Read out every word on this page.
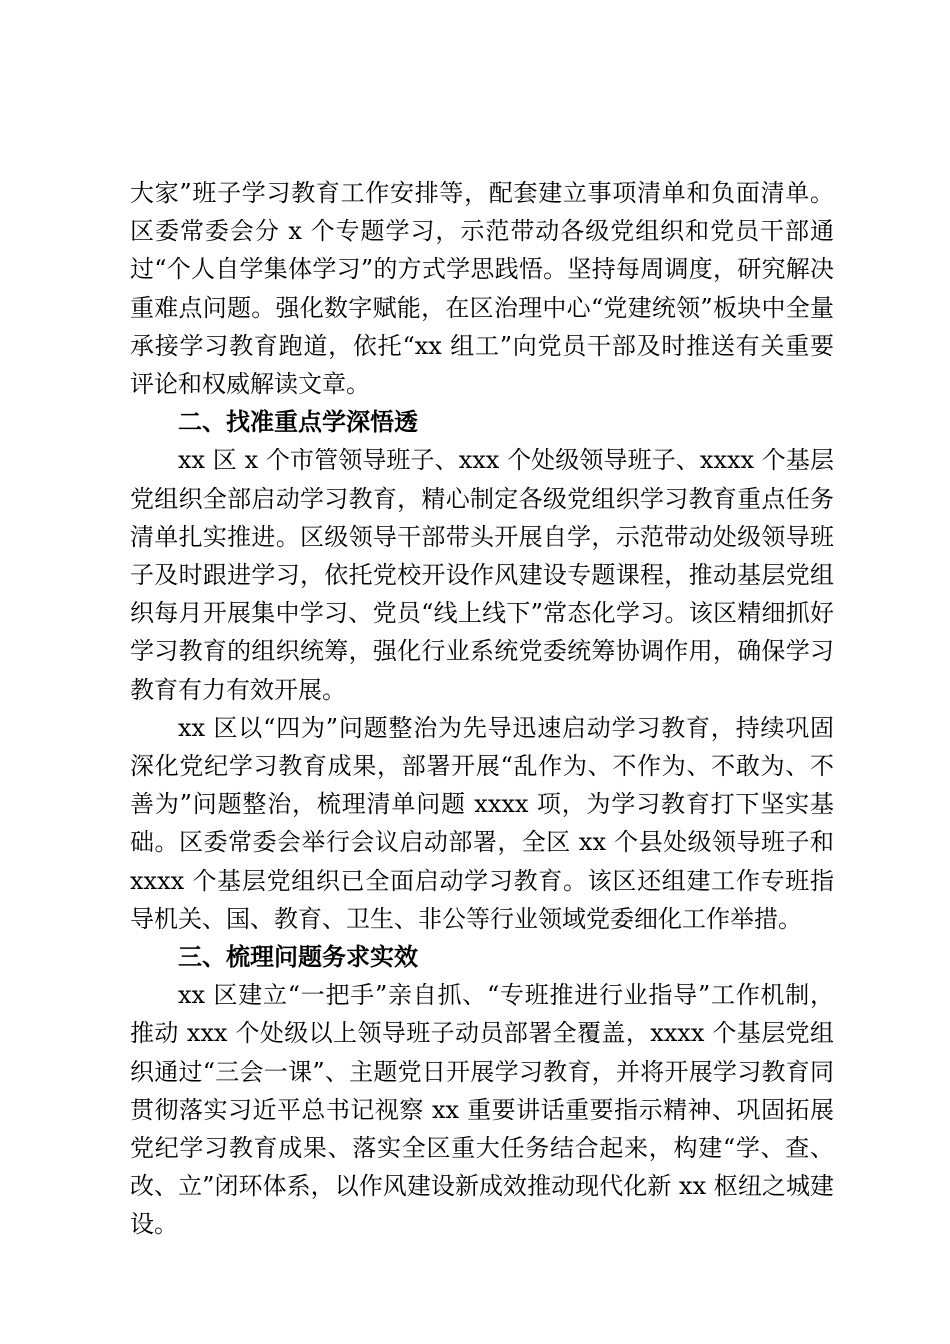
大家”班子学习教育工作安排等，配套建立事项清单和负面清单。区委常委会分 x 个专题学习，示范带动各级党组织和党员干部通过“个人自学集体学习”的方式学思践悟。坚持每周调度，研究解决重难点问题。强化数字赋能，在区治理中心“党建统领”板块中全量承接学习教育跑道，依托“xx 组工”向党员干部及时推送有关重要评论和权威解读文章。

二、找准重点学深悟透

xx 区 x 个市管领导班子、xxx 个处级领导班子、xxxx 个基层党组织全部启动学习教育，精心制定各级党组织学习教育重点任务清单扎实推进。区级领导干部带头开展自学，示范带动处级领导班子及时跟进学习，依托党校开设作风建设专题课程，推动基层党组织每月开展集中学习、党员“线上线下”常态化学习。该区精细抓好学习教育的组织统筹，强化行业系统党委统筹协调作用，确保学习教育有力有效开展。

xx 区以“四为”问题整治为先导迅速启动学习教育，持续巩固深化党纪学习教育成果，部署开展“乱作为、不作为、不敢为、不善为”问题整治，梳理清单问题 xxxx 项，为学习教育打下坚实基础。区委常委会举行会议启动部署，全区 xx 个县处级领导班子和 xxxx 个基层党组织已全面启动学习教育。该区还组建工作专班指导机关、国、教育、卫生、非公等行业领域党委细化工作举措。

三、梳理问题务求实效

xx 区建立“一把手”亲自抓、“专班推进行业指导”工作机制，推动 xxx 个处级以上领导班子动员部署全覆盖，xxxx 个基层党组织通过“三会一课”、主题党日开展学习教育，并将开展学习教育同贯彻落实习近平总书记视察 xx 重要讲话重要指示精神、巩固拓展党纪学习教育成果、落实全区重大任务结合起来，构建“学、查、改、立”闭环体系，以作风建设新成效推动现代化新 xx 枢纽之城建设。
